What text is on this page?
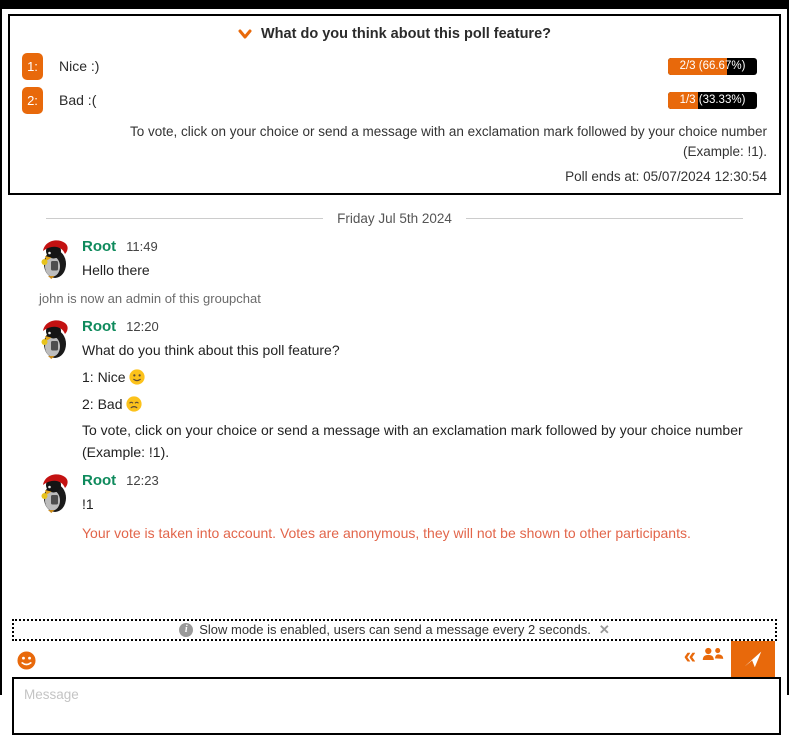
What do you think about this poll feature?
1:	Nice :)	2/3 (66.67%)
2:	Bad :(	1/3 (33.33%)
To vote, click on your choice or send a message with an exclamation mark followed by your choice number (Example: !1).
Poll ends at: 05/07/2024 12:30:54
Friday Jul 5th 2024
Root 11:49
Hello there
john is now an admin of this groupchat
Root 12:20
What do you think about this poll feature?
1: Nice
2: Bad
To vote, click on your choice or send a message with an exclamation mark followed by your choice number (Example: !1).
Root 12:23
!1
Your vote is taken into account. Votes are anonymous, they will not be shown to other participants.
i Slow mode is enabled, users can send a message every 2 seconds. ✕
«
Message
